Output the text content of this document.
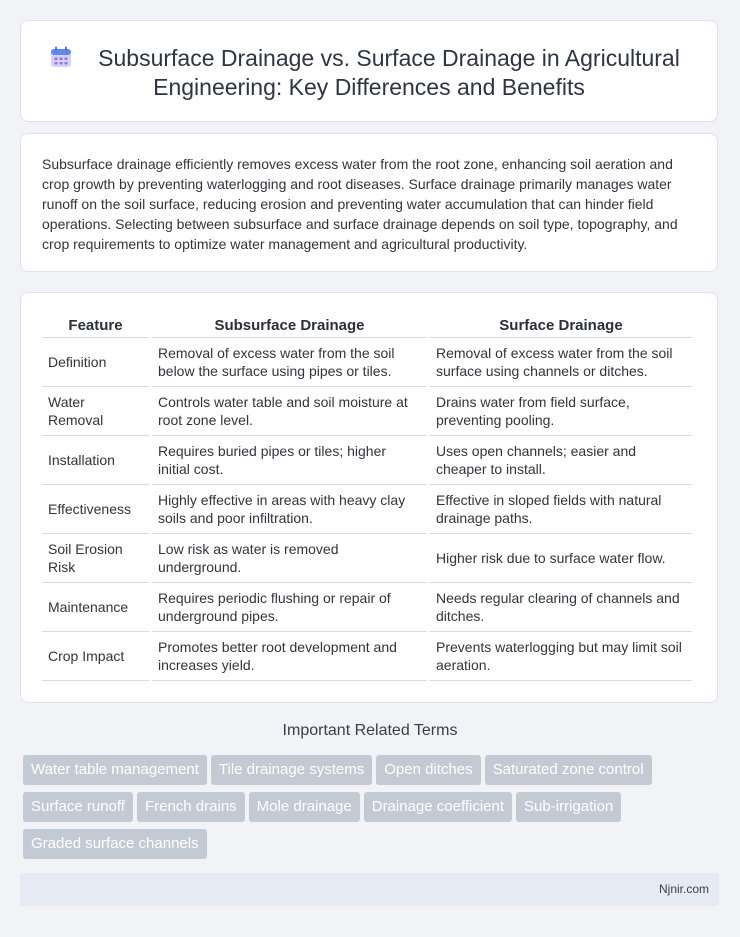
Subsurface Drainage vs. Surface Drainage in Agricultural
Engineering: Key Differences and Benefits

Subsurface drainage efficiently removes excess water from the root zone, enhancing soil aeration and crop growth by preventing waterlogging and root diseases. Surface drainage primarily manages water runoff on the soil surface, reducing erosion and preventing water accumulation that can hinder field operations. Selecting between subsurface and surface drainage depends on soil type, topography, and crop requirements to optimize water management and agricultural productivity.

Feature	Subsurface Drainage	Surface Drainage
Definition	Removal of excess water from the soil below the surface using pipes or tiles.	Removal of excess water from the soil surface using channels or ditches.
Water Removal	Controls water table and soil moisture at root zone level.	Drains water from field surface, preventing pooling.
Installation	Requires buried pipes or tiles; higher initial cost.	Uses open channels; easier and cheaper to install.
Effectiveness	Highly effective in areas with heavy clay soils and poor infiltration.	Effective in sloped fields with natural drainage paths.
Soil Erosion Risk	Low risk as water is removed underground.	Higher risk due to surface water flow.
Maintenance	Requires periodic flushing or repair of underground pipes.	Needs regular clearing of channels and ditches.
Crop Impact	Promotes better root development and increases yield.	Prevents waterlogging but may limit soil aeration.
Important Related Terms
Water table management Tile drainage systems Open ditches Saturated zone control
Surface runoff French drains Mole drainage Drainage coefficient Sub-irrigation
Graded surface channels
Njnir.com
